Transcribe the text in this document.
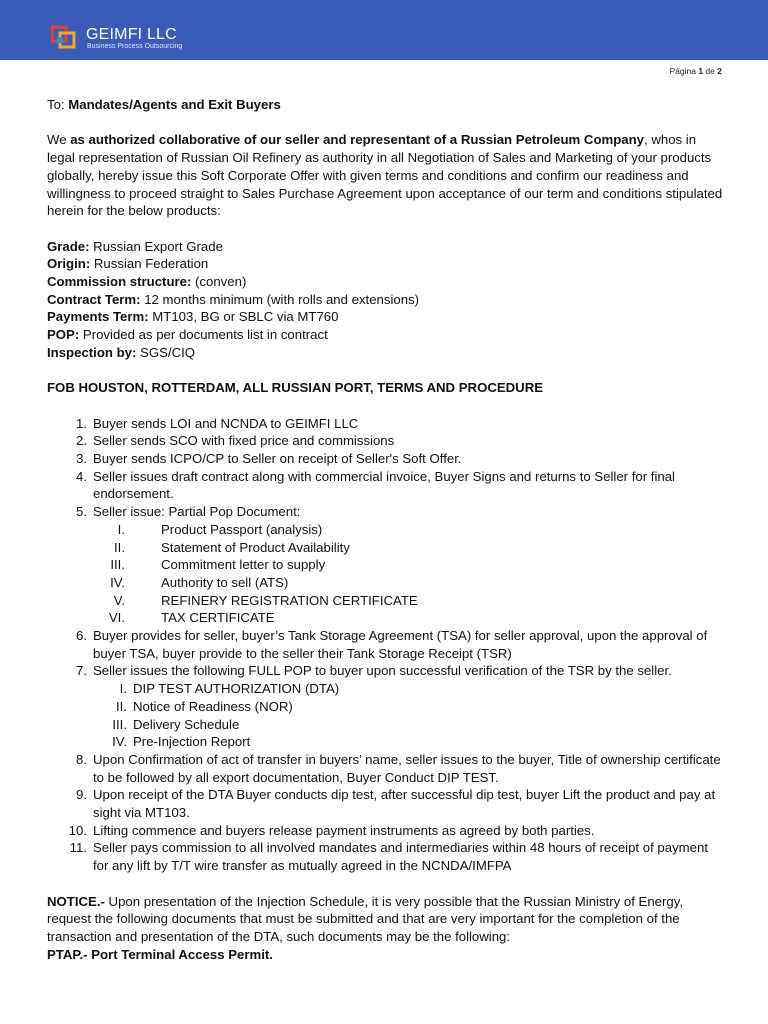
GEIMFI LLC
Business Process Outsourcing
Página 1 de 2

To: Mandates/Agents and Exit Buyers

We as authorized collaborative of our seller and representant of a Russian Petroleum Company, whos in legal representation of Russian Oil Refinery as authority in all Negotiation of Sales and Marketing of your products globally, hereby issue this Soft Corporate Offer with given terms and conditions and confirm our readiness and willingness to proceed straight to Sales Purchase Agreement upon acceptance of our term and conditions stipulated herein for the below products:

Grade: Russian Export Grade

Origin: Russian Federation

Commission structure: (conven)

Contract Term: 12 months minimum (with rolls and extensions)

Payments Term: MT103, BG or SBLC via MT760

POP: Provided as per documents list in contract

Inspection by: SGS/CIQ

FOB HOUSTON, ROTTERDAM, ALL RUSSIAN PORT, TERMS AND PROCEDURE

1. Buyer sends LOI and NCNDA to GEIMFI LLC
2. Seller sends SCO with fixed price and commissions
3. Buyer sends ICPO/CP to Seller on receipt of Seller's Soft Offer.
4. Seller issues draft contract along with commercial invoice, Buyer Signs and returns to Seller for final endorsement.
5. Seller issue: Partial Pop Document:
I.	Product Passport (analysis)
II.	Statement of Product Availability
III.	Commitment letter to supply
IV.	Authority to sell (ATS)
V.	REFINERY REGISTRATION CERTIFICATE
VI.	TAX CERTIFICATE
6. Buyer provides for seller, buyer’s Tank Storage Agreement (TSA) for seller approval, upon the approval of buyer TSA, buyer provide to the seller their Tank Storage Receipt (TSR)
7. Seller issues the following FULL POP to buyer upon successful verification of the TSR by the seller.
I. DIP TEST AUTHORIZATION (DTA)
II. Notice of Readiness (NOR)
III. Delivery Schedule
IV. Pre-Injection Report
8. Upon Confirmation of act of transfer in buyers’ name, seller issues to the buyer, Title of ownership certificate to be followed by all export documentation, Buyer Conduct DIP TEST.
9. Upon receipt of the DTA Buyer conducts dip test, after successful dip test, buyer Lift the product and pay at sight via MT103.
10. Lifting commence and buyers release payment instruments as agreed by both parties.
11. Seller pays commission to all involved mandates and intermediaries within 48 hours of receipt of payment for any lift by T/T wire transfer as mutually agreed in the NCNDA/IMFPA

NOTICE.- Upon presentation of the Injection Schedule, it is very possible that the Russian Ministry of Energy, request the following documents that must be submitted and that are very important for the completion of the transaction and presentation of the DTA, such documents may be the following:

PTAP.- Port Terminal Access Permit.
